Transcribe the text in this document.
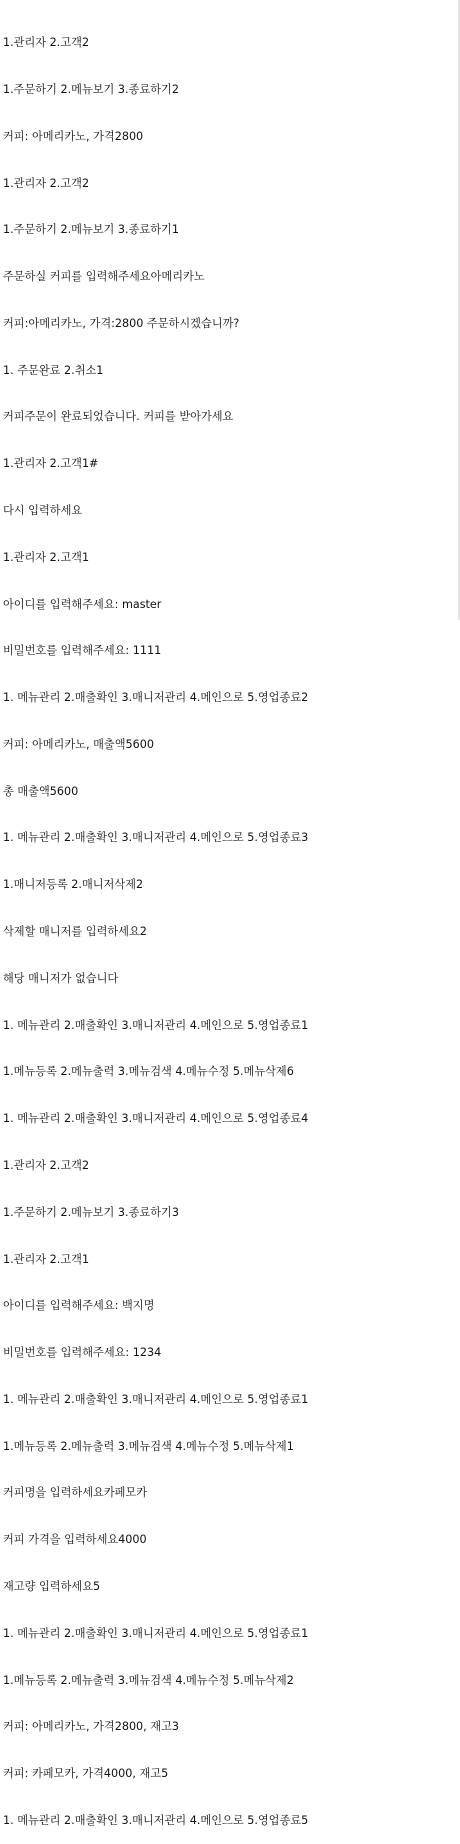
1.관리자 2.고객2

1.주문하기 2.메뉴보기 3.종료하기2

커피: 아메리카노, 가격2800

1.관리자 2.고객2

1.주문하기 2.메뉴보기 3.종료하기1

주문하실 커피를 입력해주세요아메리카노

커피:아메리카노, 가격:2800 주문하시겠습니까?

1. 주문완료 2.취소1

커피주문이 완료되었습니다. 커피를 받아가세요

1.관리자 2.고객1#

다시 입력하세요

1.관리자 2.고객1

아이디를 입력해주세요: master

비밀번호를 입력해주세요: 1111

1. 메뉴관리 2.매출확인 3.매니저관리 4.메인으로 5.영업종료2

커피: 아메리카노, 매출액5600

총 매출액5600

1. 메뉴관리 2.매출확인 3.매니저관리 4.메인으로 5.영업종료3

1.매니저등록 2.매니저삭제2

삭제할 매니저를 입력하세요2

해당 매니저가 없습니다

1. 메뉴관리 2.매출확인 3.매니저관리 4.메인으로 5.영업종료1

1.메뉴등록 2.메뉴출력 3.메뉴검색 4.메뉴수정 5.메뉴삭제6

1. 메뉴관리 2.매출확인 3.매니저관리 4.메인으로 5.영업종료4

1.관리자 2.고객2

1.주문하기 2.메뉴보기 3.종료하기3

1.관리자 2.고객1

아이디를 입력해주세요: 백지명

비밀번호를 입력해주세요: 1234

1. 메뉴관리 2.매출확인 3.매니저관리 4.메인으로 5.영업종료1

1.메뉴등록 2.메뉴출력 3.메뉴검색 4.메뉴수정 5.메뉴삭제1

커피명을 입력하세요카페모카

커피 가격을 입력하세요4000

재고량 입력하세요5

1. 메뉴관리 2.매출확인 3.매니저관리 4.메인으로 5.영업종료1

1.메뉴등록 2.메뉴출력 3.메뉴검색 4.메뉴수정 5.메뉴삭제2

커피: 아메리카노, 가격2800, 재고3

커피: 카페모카, 가격4000, 재고5

1. 메뉴관리 2.매출확인 3.매니저관리 4.메인으로 5.영업종료5
